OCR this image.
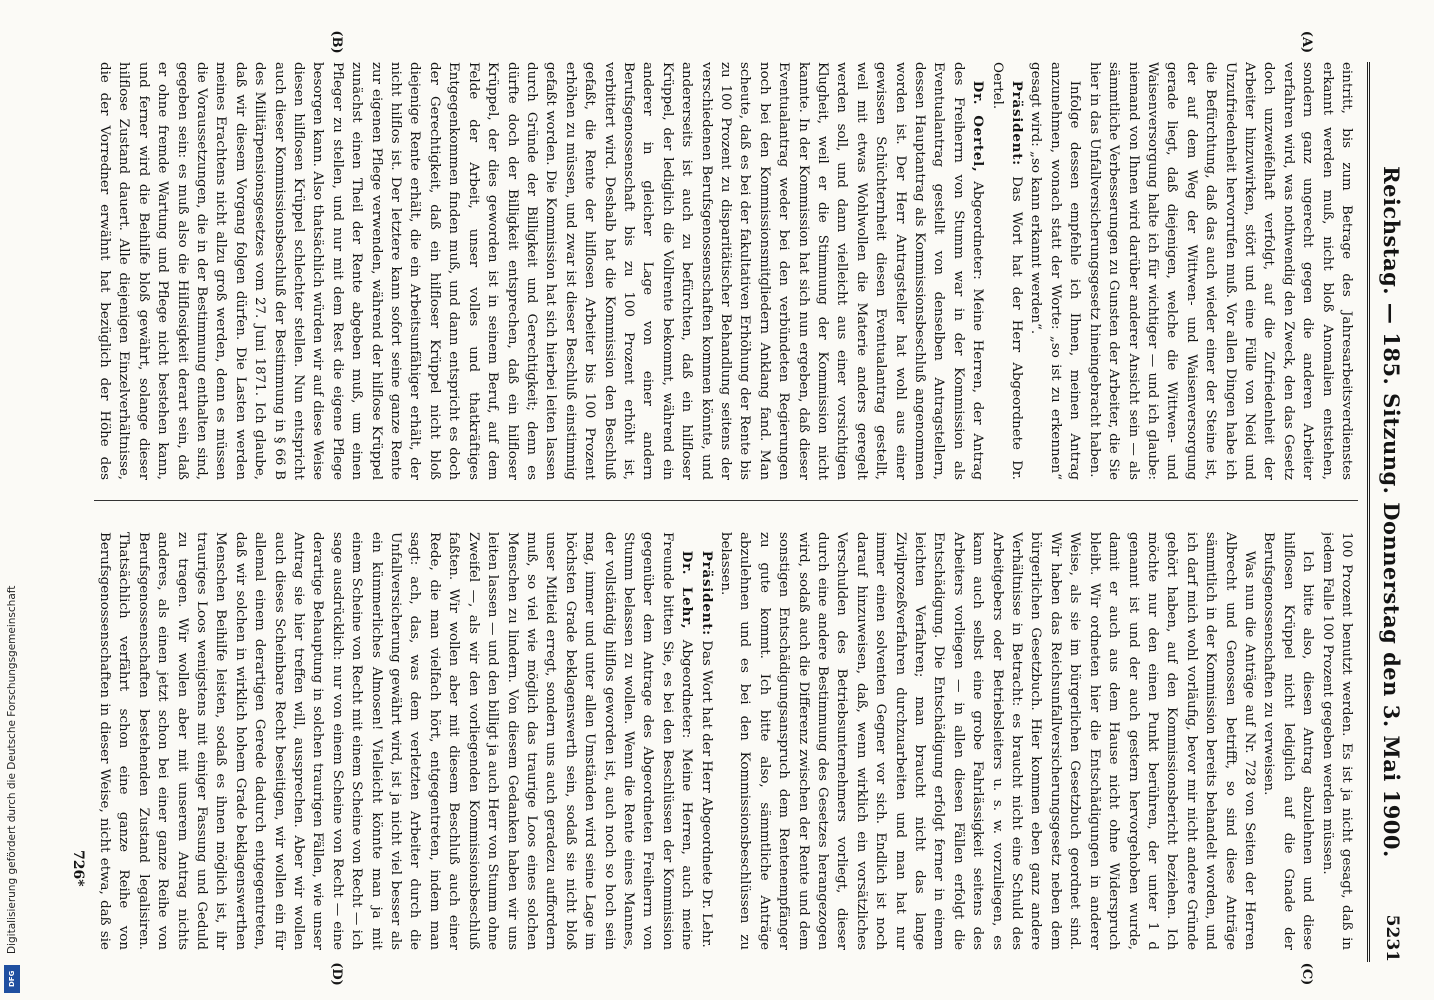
Reichstag. — 185. Sitzung. Donnerstag den 3. Mai 1900.
5231

eintritt, bis zum Betrage des Jahresarbeitsverdienstes erkannt werden muß, nicht bloß Anomalien entstehen, sondern ganz ungerecht gegen die anderen Arbeiter verfahren wird, was nothwendig den Zweck, den das Gesetz doch unzweifelhaft verfolgt, auf die Zufriedenheit der Arbeiter hinzuwirken, stört und eine Fülle von Neid und Unzufriedenheit hervorrufen muß. Vor allen Dingen habe ich die Befürchtung, daß das auch wieder einer der Steine ist, der auf dem Weg der Wittwen- und Waisenversorgung gerade liegt, daß diejenigen, welche die Wittwen- und Waisenversorgung halte ich für wichtiger — und ich glaube: niemand von Ihnen wird darüber anderer Ansicht sein — als sämmtliche Verbesserungen zu Gunsten der Arbeiter, die Sie hier in das Unfallversicherungsgesetz hineingebracht haben.

Infolge dessen empfehle ich Ihnen, meinen Antrag anzunehmen, wonach statt der Worte: „so ist zu erkennen“ gesagt wird: „so kann erkannt werden“.

Präsident: Das Wort hat der Herr Abgeordnete Dr. Oertel.

Dr. Oertel, Abgeordneter: Meine Herren, der Antrag des Freiherrn von Stumm war in der Kommission als Eventualantrag gestellt von denselben Antragstellern, dessen Hauptantrag als Kommissionsbeschluß angenommen worden ist. Der Herr Antragsteller hat wohl aus einer gewissen Schüchternheit diesen Eventualantrag gestellt, weil mit etwas Wohlwollen die Materie anders geregelt werden soll, und dann vielleicht aus einer vorsichtigen Klugheit, weil er die Stimmung der Kommission nicht kannte. In der Kommission hat sich nun ergeben, daß dieser Eventualantrag weder bei den verbündeten Regierungen noch bei den Kommissionsmitgliedern Anklang fand. Man scheute, daß es bei der fakultativen Erhöhung der Rente bis zu 100 Prozent zu disparitätischer Behandlung seitens der verschiedenen Berufsgenossenschaften kommen könnte, und andererseits ist auch zu befürchten, daß ein hilfloser Krüppel, der lediglich die Vollrente bekommt, während ein anderer in gleicher Lage von einer andern Berufsgenossenschaft bis zu 100 Prozent erhöht ist, verbittert wird. Deshalb hat die Kommission den Beschluß gefaßt, die Rente der hilflosen Arbeiter bis 100 Prozent erhöhen zu müssen, und zwar ist dieser Beschluß einstimmig gefaßt worden. Die Kommission hat sich hierbei leiten lassen durch Gründe der Billigkeit und Gerechtigkeit; denn es dürfte doch der Billigkeit entsprechen, daß ein hilfloser Krüppel, der dies geworden ist in seinem Beruf, auf dem Felde der Arbeit, unser volles und thatkräftiges Entgegenkommen finden muß, und dann entspricht es doch der Gerechtigkeit, daß ein hilfloser Krüppel nicht bloß diejenige Rente erhält, die ein Arbeitsunfähiger erhält, der nicht hilflos ist. Der letztere kann sofort seine ganze Rente zur eigenen Pflege verwenden, während der hilflose Krüppel zunächst einen Theil der Rente abgeben muß, um einen Pfleger zu stellen, und nur mit dem Rest die eigene Pflege besorgen kann. Also thatsächlich würden wir auf diese Weise diesen hilflosen Krüppel schlechter stellen. Nun entspricht auch dieser Kommissionsbeschluß der Bestimmung in § 66 B des Militärpensionsgesetzes vom 27. Juni 1871. Ich glaube, daß wir diesem Vorgang folgen dürfen. Die Lasten werden meines Erachtens nicht allzu groß werden, denn es müssen die Voraussetzungen, die in der Bestimmung enthalten sind, gegeben sein: es muß also die Hilflosigkeit derart sein, daß er ohne fremde Wartung und Pflege nicht bestehen kann, und ferner wird die Beihilfe bloß gewährt, solange dieser hilflose Zustand dauert. Alle diejenigen Einzelverhältnisse, die der Vorredner erwähnt hat bezüglich der Höhe des

100 Prozent benutzt werden. Es ist ja nicht gesagt, daß in jedem Falle 100 Prozent gegeben werden müssen.

Ich bitte also, diesen Antrag abzulehnen und diese hilflosen Krüppel nicht lediglich auf die Gnade der Berufsgenossenschaften zu verweisen.

Was nun die Anträge auf Nr. 728 von Seiten der Herren Albrecht und Genossen betrifft, so sind diese Anträge sämmtlich in der Kommission bereits behandelt worden, und ich darf mich wohl vorläufig, bevor mir nicht andere Gründe gehört haben, auf den Kommissionsbericht beziehen. Ich möchte nur den einen Punkt berühren, der unter 1 d genannt ist und der auch gestern hervorgehoben wurde, damit er auch aus dem Hause nicht ohne Widerspruch bleibt. Wir ordneten hier die Entschädigungen in anderer Weise, als sie im bürgerlichen Gesetzbuch geordnet sind. Wir haben das Reichsunfallversicherungsgesetz neben dem bürgerlichen Gesetzbuch. Hier kommen eben ganz andere Verhältnisse in Betracht: es braucht nicht eine Schuld des Arbeitgebers oder Betriebsleiters u. s. w. vorzuliegen, es kann auch selbst eine grobe Fahrlässigkeit seitens des Arbeiters vorliegen — in allen diesen Fällen erfolgt die Entschädigung. Die Entschädigung erfolgt ferner in einem leichten Verfahren; man braucht nicht das lange Zivilprozeßverfahren durchzuarbeiten und man hat nur immer einen solventen Gegner vor sich. Endlich ist noch darauf hinzuweisen, daß, wenn wirklich ein vorsätzliches Verschulden des Betriebsunternehmers vorliegt, dieser durch eine andere Bestimmung des Gesetzes herangezogen wird, sodaß auch die Differenz zwischen der Rente und dem sonstigen Entschädigungsanspruch dem Rentenempfänger zu gute kommt. Ich bitte also, sämmtliche Anträge abzulehnen und es bei den Kommissionsbeschlüssen zu belassen.

Präsident: Das Wort hat der Herr Abgeordnete Dr. Lehr.

Dr. Lehr, Abgeordneter: Meine Herren, auch meine Freunde bitten Sie, es bei den Beschlüssen der Kommission gegenüber dem Antrage des Abgeordneten Freiherrn von Stumm belassen zu wollen. Wenn die Rente eines Mannes, der vollständig hilflos geworden ist, auch noch so hoch sein mag, immer und unter allen Umständen wird seine Lage im höchsten Grade beklagenswerth sein, sodaß sie nicht bloß unser Mitleid erregt, sondern uns auch geradezu auffordern muß, so viel wie möglich das traurige Loos eines solchen Menschen zu lindern. Von diesem Gedanken haben wir uns leiten lassen — und den billigt ja auch Herr von Stumm ohne Zweifel —, als wir den vorliegenden Kommissionsbeschluß faßten. Wir wollen aber mit diesem Beschluß auch einer Rede, die man vielfach hört, entgegentreten, indem man sagt: ach, das, was dem verletzten Arbeiter durch die Unfallversicherung gewährt wird, ist ja nicht viel besser als ein kümmerliches Almosen! Vielleicht könnte man ja mit einem Scheine von Recht mit einem Scheine von Recht — ich sage ausdrücklich: nur von einem Scheine von Recht — eine derartige Behauptung in solchen traurigen Fällen, wie unser Antrag sie hier treffen will, aussprechen. Aber wir wollen auch dieses Scheinbare Recht beseitigen, wir wollen ein für allemal einem derartigen Gerede dadurch entgegentreten, daß wir solchen in wirklich hohem Grade beklagenswerthen Menschen Beihilfe leisten, sodaß es ihnen möglich ist, ihr trauriges Loos wenigstens mit einiger Fassung und Geduld zu tragen. Wir wollen aber mit unserem Antrag nichts anderes, als einen jetzt schon bei einer ganze Reihe von Berufsgenossenschaften bestehenden Zustand legalisiren. Thatsächlich verfährt schon eine ganze Reihe von Berufsgenossenschaften in dieser Weise, nicht etwa, daß sie

(A)
(B)
(C)
(D)
726*
Digitalisierung gefördert durch die Deutsche Forschungsgemeinschaft
DFG
